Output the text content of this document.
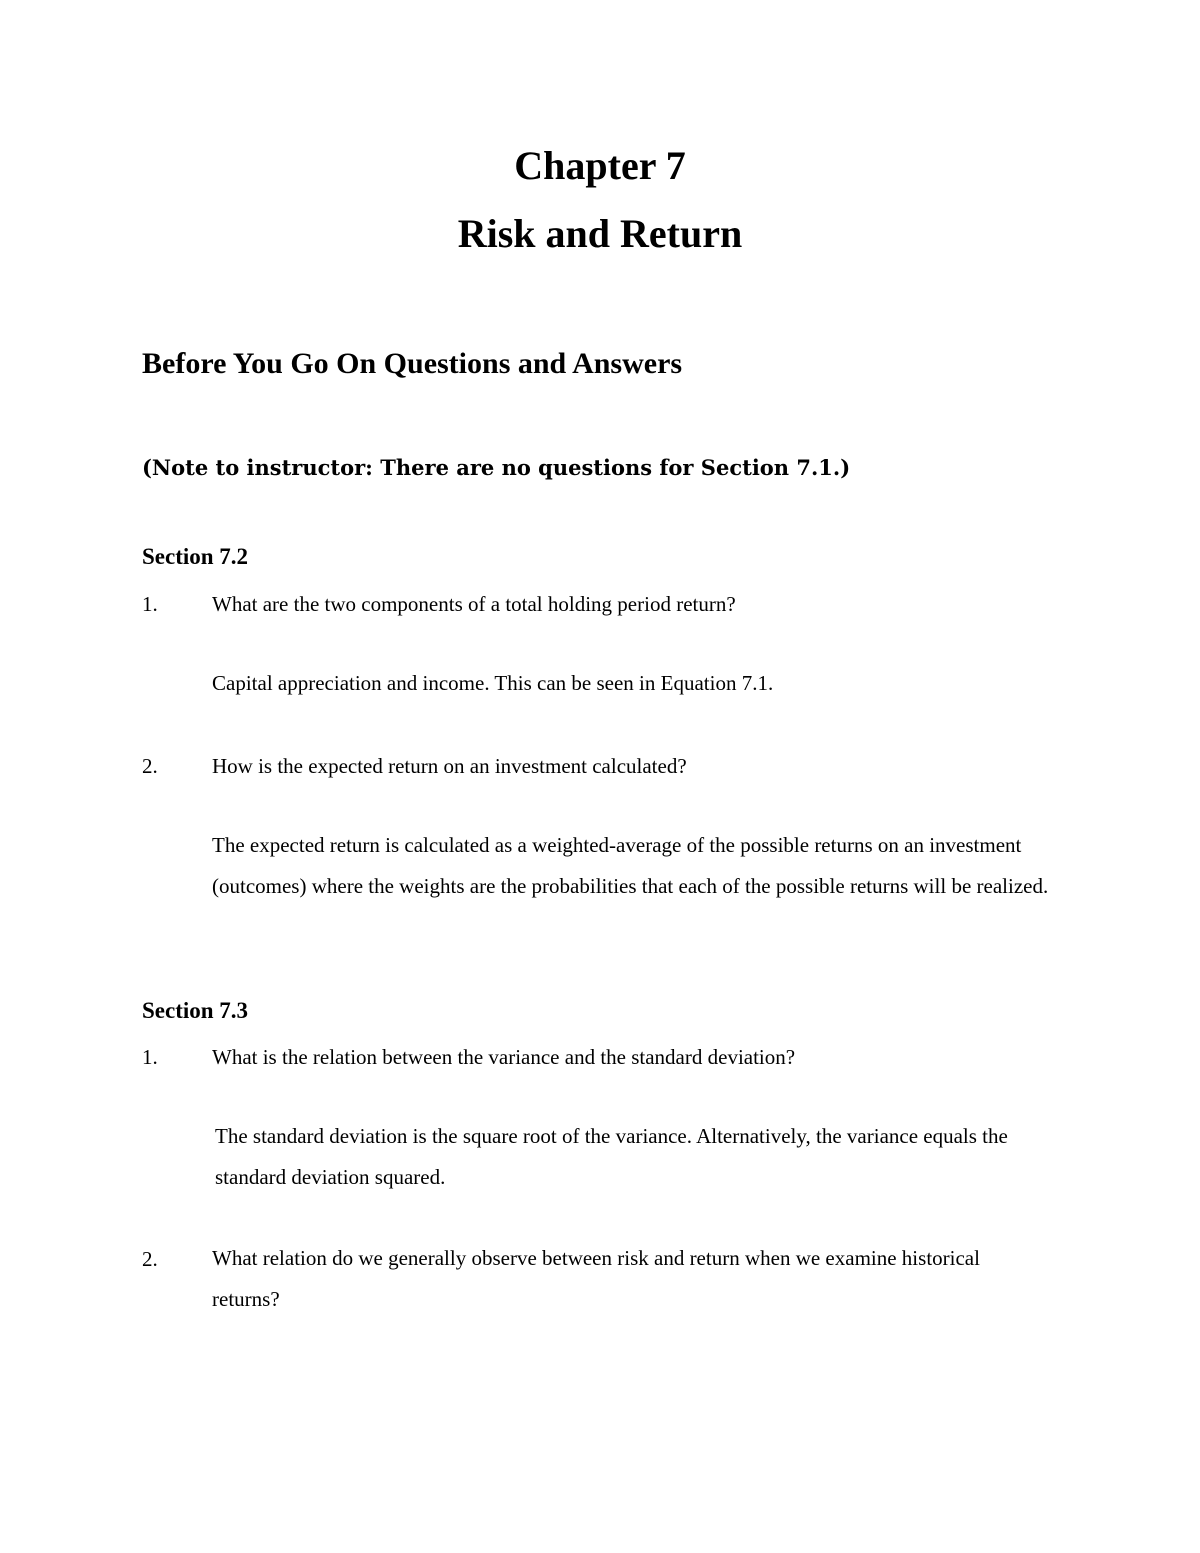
Chapter 7
Risk and Return
Before You Go On Questions and Answers
(Note to instructor: There are no questions for Section 7.1.)
Section 7.2
1.	What are the two components of a total holding period return?
Capital appreciation and income. This can be seen in Equation 7.1.
2.	How is the expected return on an investment calculated?
The expected return is calculated as a weighted-average of the possible returns on an investment (outcomes) where the weights are the probabilities that each of the possible returns will be realized.
Section 7.3
1.	What is the relation between the variance and the standard deviation?
The standard deviation is the square root of the variance. Alternatively, the variance equals the standard deviation squared.
2.	What relation do we generally observe between risk and return when we examine historical returns?
